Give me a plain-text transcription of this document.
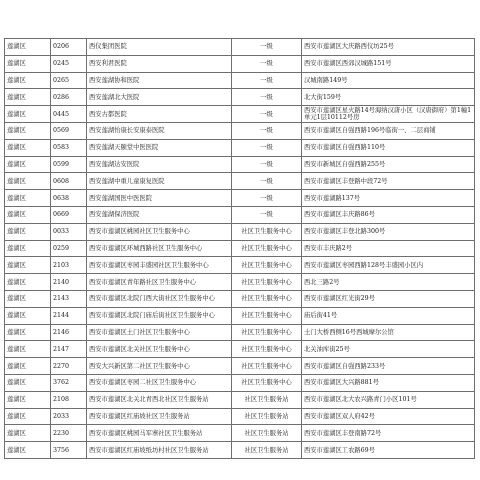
莲湖区	0206	西仪集团医院	一级	西安市莲湖区大庆路西仪坊25号
莲湖区	0245	西安利君医院	一级	西安市莲湖区西郊汉城路151号
莲湖区	0265	西安莲湖协和医院	一级	汉城南路149号
莲湖区	0286	西安莲湖北大医院	一级	北大街159号
莲湖区	0445	西安古都医院	一级	西安市莲湖区星火路14号海纳汉唐小区（汉唐御府）第1幢1单元1层10112号房
莲湖区	0569	西安莲湖怡康长安康泰医院	一级	西安市莲湖区自强西路196号临街一、二层商铺
莲湖区	0583	西安莲湖天颐堂中医医院	一级	西安市莲湖区自强西路110号
莲湖区	0599	西安莲湖达安医院	一级	西安市新城区自强西路255号
莲湖区	0608	西安莲湖中重儿童康复医院	一级	西安市莲湖区丰登路中段72号
莲湖区	0638	西安莲湖国医中医医院	一级	西安市莲湖路137号
莲湖区	0669	西安莲湖保济医院	一级	西安市莲湖区丰庆路86号
莲湖区	0033	西安市莲湖区桃园社区卫生服务中心	社区卫生服务中心	西安市莲湖区丰登北路300号
莲湖区	0259	西安市莲湖区环城西路社区卫生服务中心	社区卫生服务中心	西安市丰庆路2号
莲湖区	2103	西安市莲湖区枣园丰盛园社区卫生服务中心	社区卫生服务中心	西安市莲湖区枣园西路128号丰盛园小区内
莲湖区	2140	西安市莲湖区青年路社区卫生服务中心	社区卫生服务中心	西北三路2号
莲湖区	2143	西安市莲湖区北院门西大街社区卫生服务中心	社区卫生服务中心	西安市莲湖区红光街29号
莲湖区	2144	西安市莲湖区北院门庙后街社区卫生服务中心	社区卫生服务中心	庙后街41号
莲湖区	2146	西安市莲湖区土门社区卫生服务中心	社区卫生服务中心	土门大桥西侧16号西城摩尔公馆
莲湖区	2147	西安市莲湖区北关社区卫生服务中心	社区卫生服务中心	北关油库街25号
莲湖区	2270	西安大兴新区第二社区卫生服务中心	社区卫生服务中心	西安市莲湖区自强西路233号
莲湖区	3762	西安市莲湖区枣园二社区卫生服务中心	社区卫生服务中心	西安市莲湖区大兴路881号
莲湖区	2108	西安市莲湖区北关北青西北社区卫生服务站	社区卫生服务站	西安市莲湖区北大农兴路青门小区101号
莲湖区	2033	西安市莲湖区红庙坡社区卫生服务站	社区卫生服务站	西安市莲湖区双人府42号
莲湖区	2230	西安市莲湖区桃园马军寨社区卫生服务站	社区卫生服务站	西安市莲湖区丰登南路72号
莲湖区	3756	西安市莲湖区红庙坡纸坊村社区卫生服务站	社区卫生服务站	西安市莲湖区工农路69号
